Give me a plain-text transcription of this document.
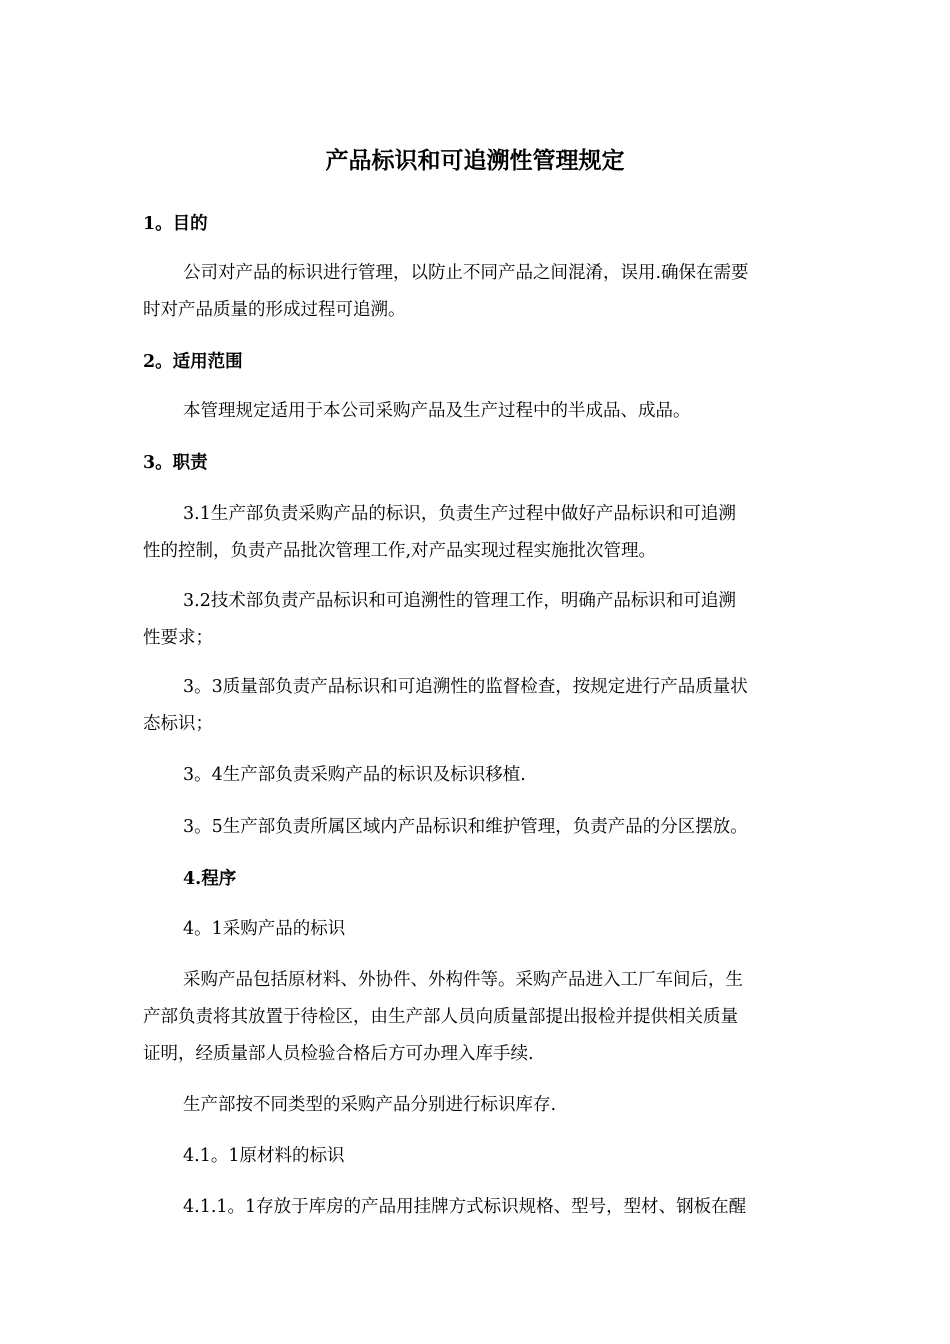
产品标识和可追溯性管理规定
1。目的
公司对产品的标识进行管理，以防止不同产品之间混淆，误用.确保在需要
时对产品质量的形成过程可追溯。
2。适用范围
本管理规定适用于本公司采购产品及生产过程中的半成品、成品。
3。职责
3.1生产部负责采购产品的标识，负责生产过程中做好产品标识和可追溯
性的控制，负责产品批次管理工作,对产品实现过程实施批次管理。
3.2技术部负责产品标识和可追溯性的管理工作，明确产品标识和可追溯
性要求；
3。3质量部负责产品标识和可追溯性的监督检查，按规定进行产品质量状
态标识；
3。4生产部负责采购产品的标识及标识移植.
3。5生产部负责所属区域内产品标识和维护管理，负责产品的分区摆放。
4.程序
4。1采购产品的标识
采购产品包括原材料、外协件、外构件等。采购产品进入工厂车间后，生
产部负责将其放置于待检区，由生产部人员向质量部提出报检并提供相关质量
证明，经质量部人员检验合格后方可办理入库手续.
生产部按不同类型的采购产品分别进行标识库存.
4.1。1原材料的标识
4.1.1。1存放于库房的产品用挂牌方式标识规格、型号，型材、钢板在醒
